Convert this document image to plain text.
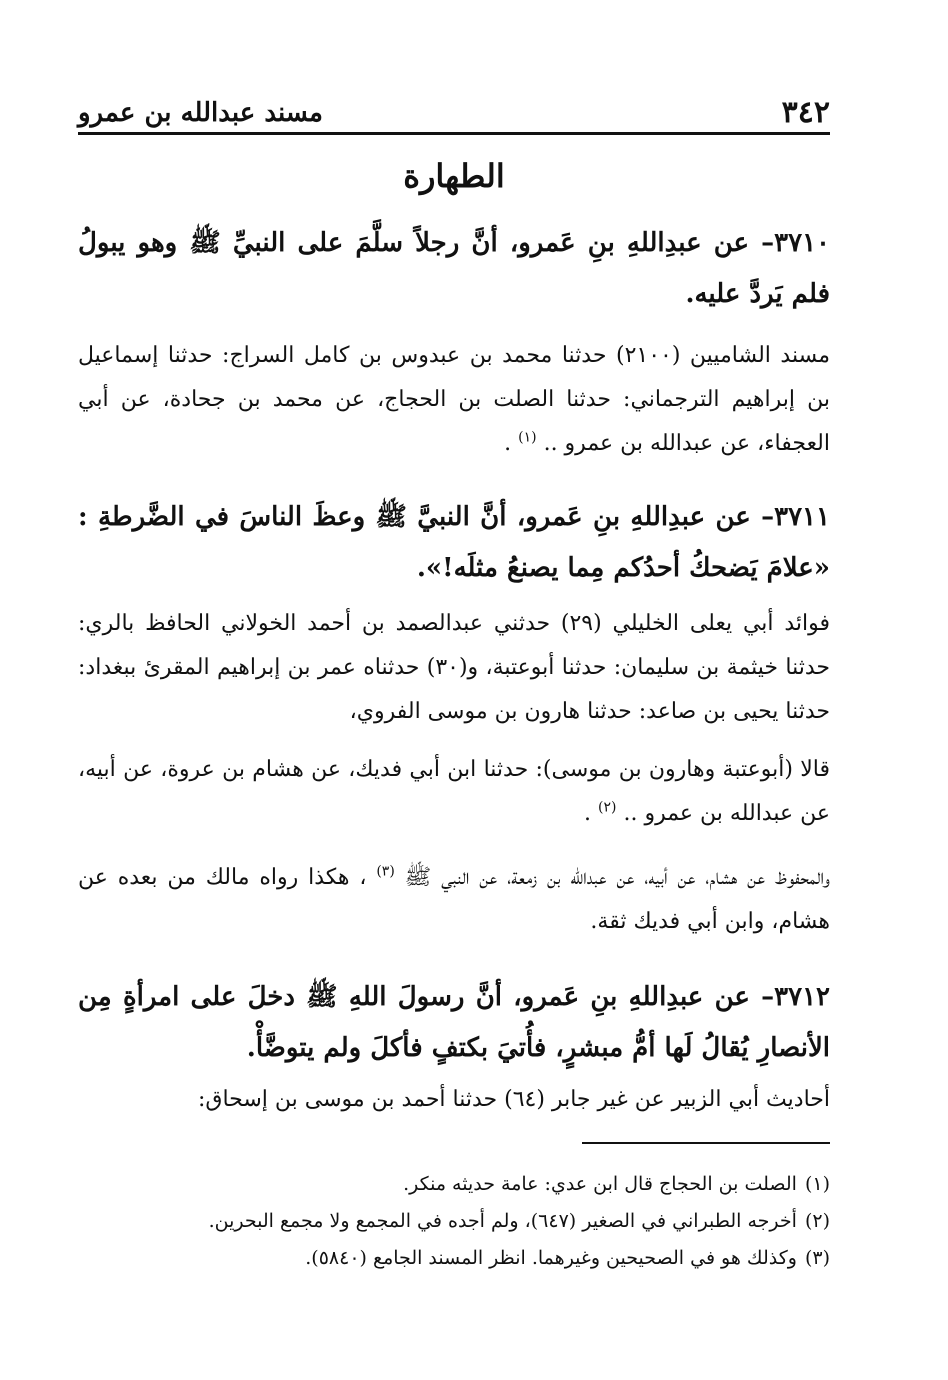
٣٤٢
مسند عبدالله بن عمرو
الطهارة

٣٧١٠– عن عبدِاللهِ بنِ عَمرو، أنَّ رجلاً سلَّمَ على النبيِّ ﷺ وهو يبولُ فلم يَردَّ عليه.

مسند الشاميين (٢١٠٠) حدثنا محمد بن عبدوس بن كامل السراج: حدثنا إسماعيل بن إبراهيم الترجماني: حدثنا الصلت بن الحجاج، عن محمد بن جحادة، عن أبي العجفاء، عن عبدالله بن عمرو .. $^{(١)}$ .

٣٧١١– عن عبدِاللهِ بنِ عَمرو، أنَّ النبيَّ ﷺ وعظَ الناسَ في الضَّرطةِ : «علامَ يَضحكُ أحدُكم مِما يصنعُ مثلَه!».

فوائد أبي يعلى الخليلي (٢٩) حدثني عبدالصمد بن أحمد الخولاني الحافظ بالري: حدثنا خيثمة بن سليمان: حدثنا أبوعتبة، و(٣٠) حدثناه عمر بن إبراهيم المقرئ ببغداد: حدثنا يحيى بن صاعد: حدثنا هارون بن موسى الفروي،

قالا (أبوعتبة وهارون بن موسى): حدثنا ابن أبي فديك، عن هشام بن عروة، عن أبيه، عن عبدالله بن عمرو .. $^{(٢)}$ .

والمحفوظ عن هشام، عن أبيه، عن عبدالله بن زمعة، عن النبي ﷺ $^{(٣)}$ ، هكذا رواه مالك من بعده عن هشام، وابن أبي فديك ثقة.

٣٧١٢– عن عبدِاللهِ بنِ عَمرو، أنَّ رسولَ اللهِ ﷺ دخلَ على امرأةٍ مِن الأنصارِ يُقالُ لَها أمُّ مبشرٍ، فأُتيَ بكتفٍ فأكلَ ولم يتوضَّأْ.

أحاديث أبي الزبير عن غير جابر (٦٤) حدثنا أحمد بن موسى بن إسحاق:

(١)
الصلت بن الحجاج قال ابن عدي: عامة حديثه منكر.
(٢)
أخرجه الطبراني في الصغير (٦٤٧)، ولم أجده في المجمع ولا مجمع البحرين.
(٣)
وكذلك هو في الصحيحين وغيرهما. انظر المسند الجامع (٥٨٤٠).
